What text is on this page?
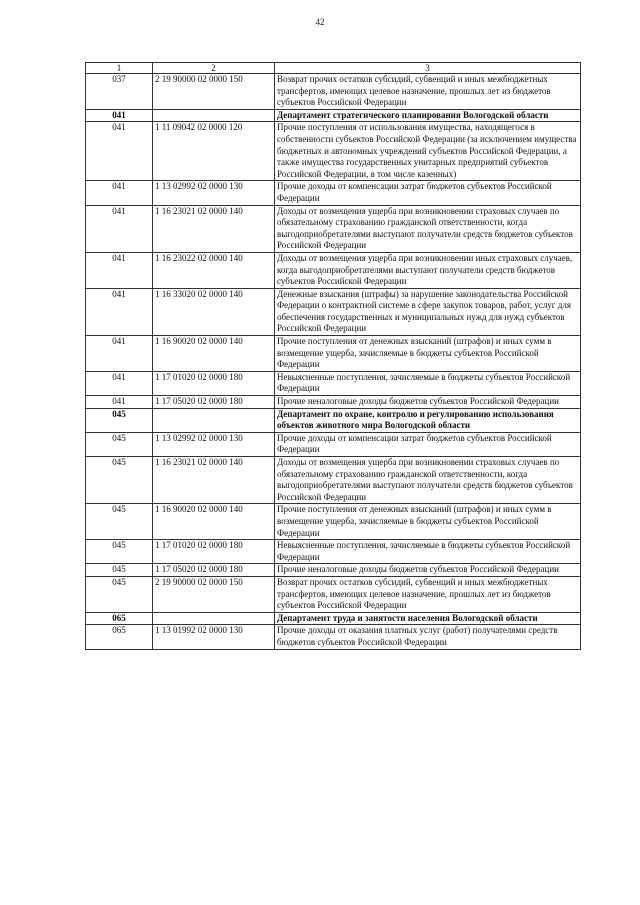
42
1	2	3
037	2 19 90000 02 0000 150	Возврат прочих остатков субсидий, субвенций и иных межбюджетных трансфертов, имеющих целевое назначение, прошлых лет из бюджетов субъектов Российской Федерации
041		Департамент стратегического планирования Вологодской области
041	1 11 09042 02 0000 120	Прочие поступления от использования имущества, находящегося в собственности субъектов Российской Федерации (за исключением имущества бюджетных и автономных учреждений субъектов Российской Федерации, а также имущества государственных унитарных предприятий субъектов Российской Федерации, в том числе казенных)
041	1 13 02992 02 0000 130	Прочие доходы от компенсации затрат бюджетов субъектов Российской Федерации
041	1 16 23021 02 0000 140	Доходы от возмещения ущерба при возникновении страховых случаев по обязательному страхованию гражданской ответственности, когда выгодоприобретателями выступают получатели средств бюджетов субъектов Российской Федерации
041	1 16 23022 02 0000 140	Доходы от возмещения ущерба при возникновении иных страховых случаев, когда выгодоприобретателями выступают получатели средств бюджетов субъектов Российской Федерации
041	1 16 33020 02 0000 140	Денежные взыскания (штрафы) за нарушение законодательства Российской Федерации о контрактной системе в сфере закупок товаров, работ, услуг для обеспечения государственных и муниципальных нужд для нужд субъектов Российской Федерации
041	1 16 90020 02 0000 140	Прочие поступления от денежных взысканий (штрафов) и иных сумм в возмещение ущерба, зачисляемые в бюджеты субъектов Российской Федерации
041	1 17 01020 02 0000 180	Невыясненные поступления, зачисляемые в бюджеты субъектов Российской Федерации
041	1 17 05020 02 0000 180	Прочие неналоговые доходы бюджетов субъектов Российской Федерации
045		Департамент по охране, контролю и регулированию использования объектов животного мира Вологодской области
045	1 13 02992 02 0000 130	Прочие доходы от компенсации затрат бюджетов субъектов Российской Федерации
045	1 16 23021 02 0000 140	Доходы от возмещения ущерба при возникновении страховых случаев по обязательному страхованию гражданской ответственности, когда выгодоприобретателями выступают получатели средств бюджетов субъектов Российской Федерации
045	1 16 90020 02 0000 140	Прочие поступления от денежных взысканий (штрафов) и иных сумм в возмещение ущерба, зачисляемые в бюджеты субъектов Российской Федерации
045	1 17 01020 02 0000 180	Невыясненные поступления, зачисляемые в бюджеты субъектов Российской Федерации
045	1 17 05020 02 0000 180	Прочие неналоговые доходы бюджетов субъектов Российской Федерации
045	2 19 90000 02 0000 150	Возврат прочих остатков субсидий, субвенций и иных межбюджетных трансфертов, имеющих целевое назначение, прошлых лет из бюджетов субъектов Российской Федерации
065		Департамент труда и занятости населения Вологодской области
065	1 13 01992 02 0000 130	Прочие доходы от оказания платных услуг (работ) получателями средств бюджетов субъектов Российской Федерации
